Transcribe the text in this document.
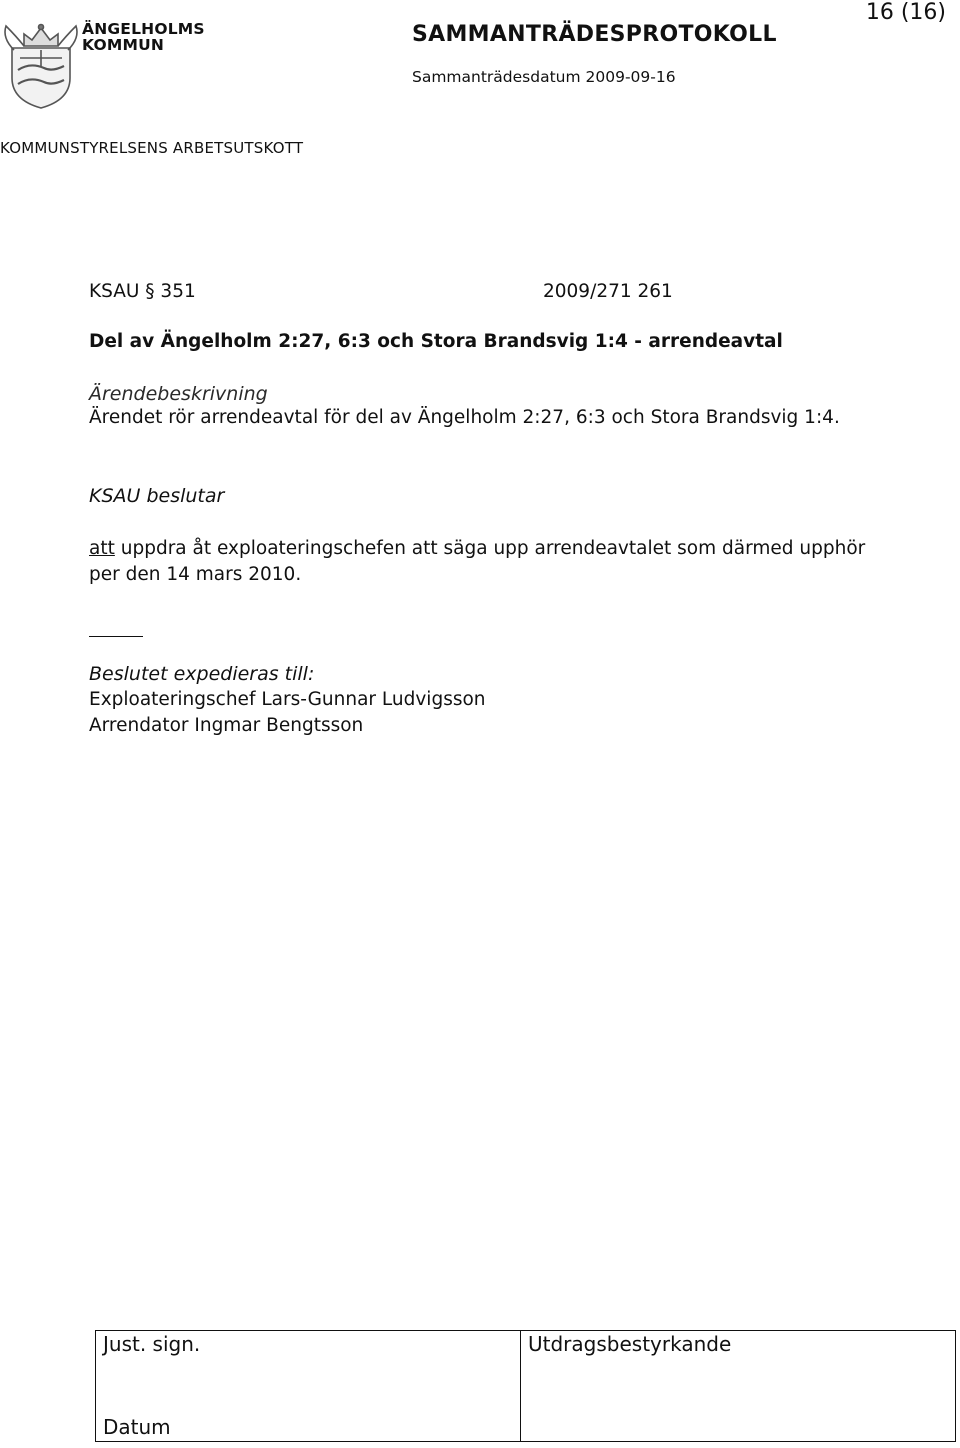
ÄNGELHOLMS
KOMMUN	SAMMANTRÄDESPROTOKOLL
16 (16)
Sammanträdesdatum 2009-09-16
KOMMUNSTYRELSENS ARBETSUTSKOTT
KSAU § 351	2009/271 261
Del av Ängelholm 2:27, 6:3 och Stora Brandsvig 1:4 - arrendeavtal
Ärendebeskrivning
Ärendet rör arrendeavtal för del av Ängelholm 2:27, 6:3 och Stora Brandsvig 1:4.
KSAU beslutar
att uppdra åt exploateringschefen att säga upp arrendeavtalet som därmed upphör per den 14 mars 2010.
Beslutet expedieras till:
Exploateringschef Lars-Gunnar Ludvigsson
Arrendator Ingmar Bengtsson
Just. sign.
Datum
Utdragsbestyrkande
